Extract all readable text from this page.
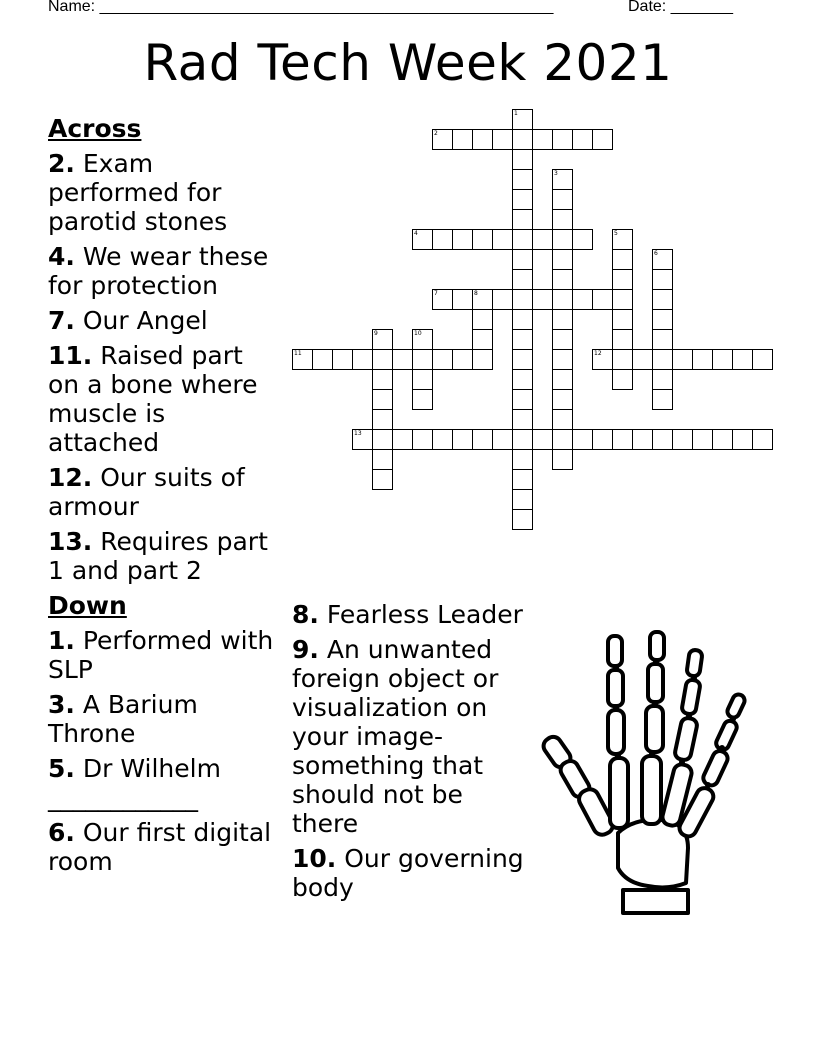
Name: ___________________________________________________	Date: _______
Rad Tech Week 2021
Across
2. Exam performed for parotid stones
4. We wear these for protection
7. Our Angel
11. Raised part on a bone where muscle is attached
12. Our suits of armour
13. Requires part 1 and part 2
Down
1. Performed with SLP
3. A Barium Throne
5. Dr Wilhelm ____________
6. Our first digital room
8. Fearless Leader
9. An unwanted foreign object or visualization on your image-something that should not be there
10. Our governing body
1
2
3
4	5
6
7	8
9	10
11	12
13
